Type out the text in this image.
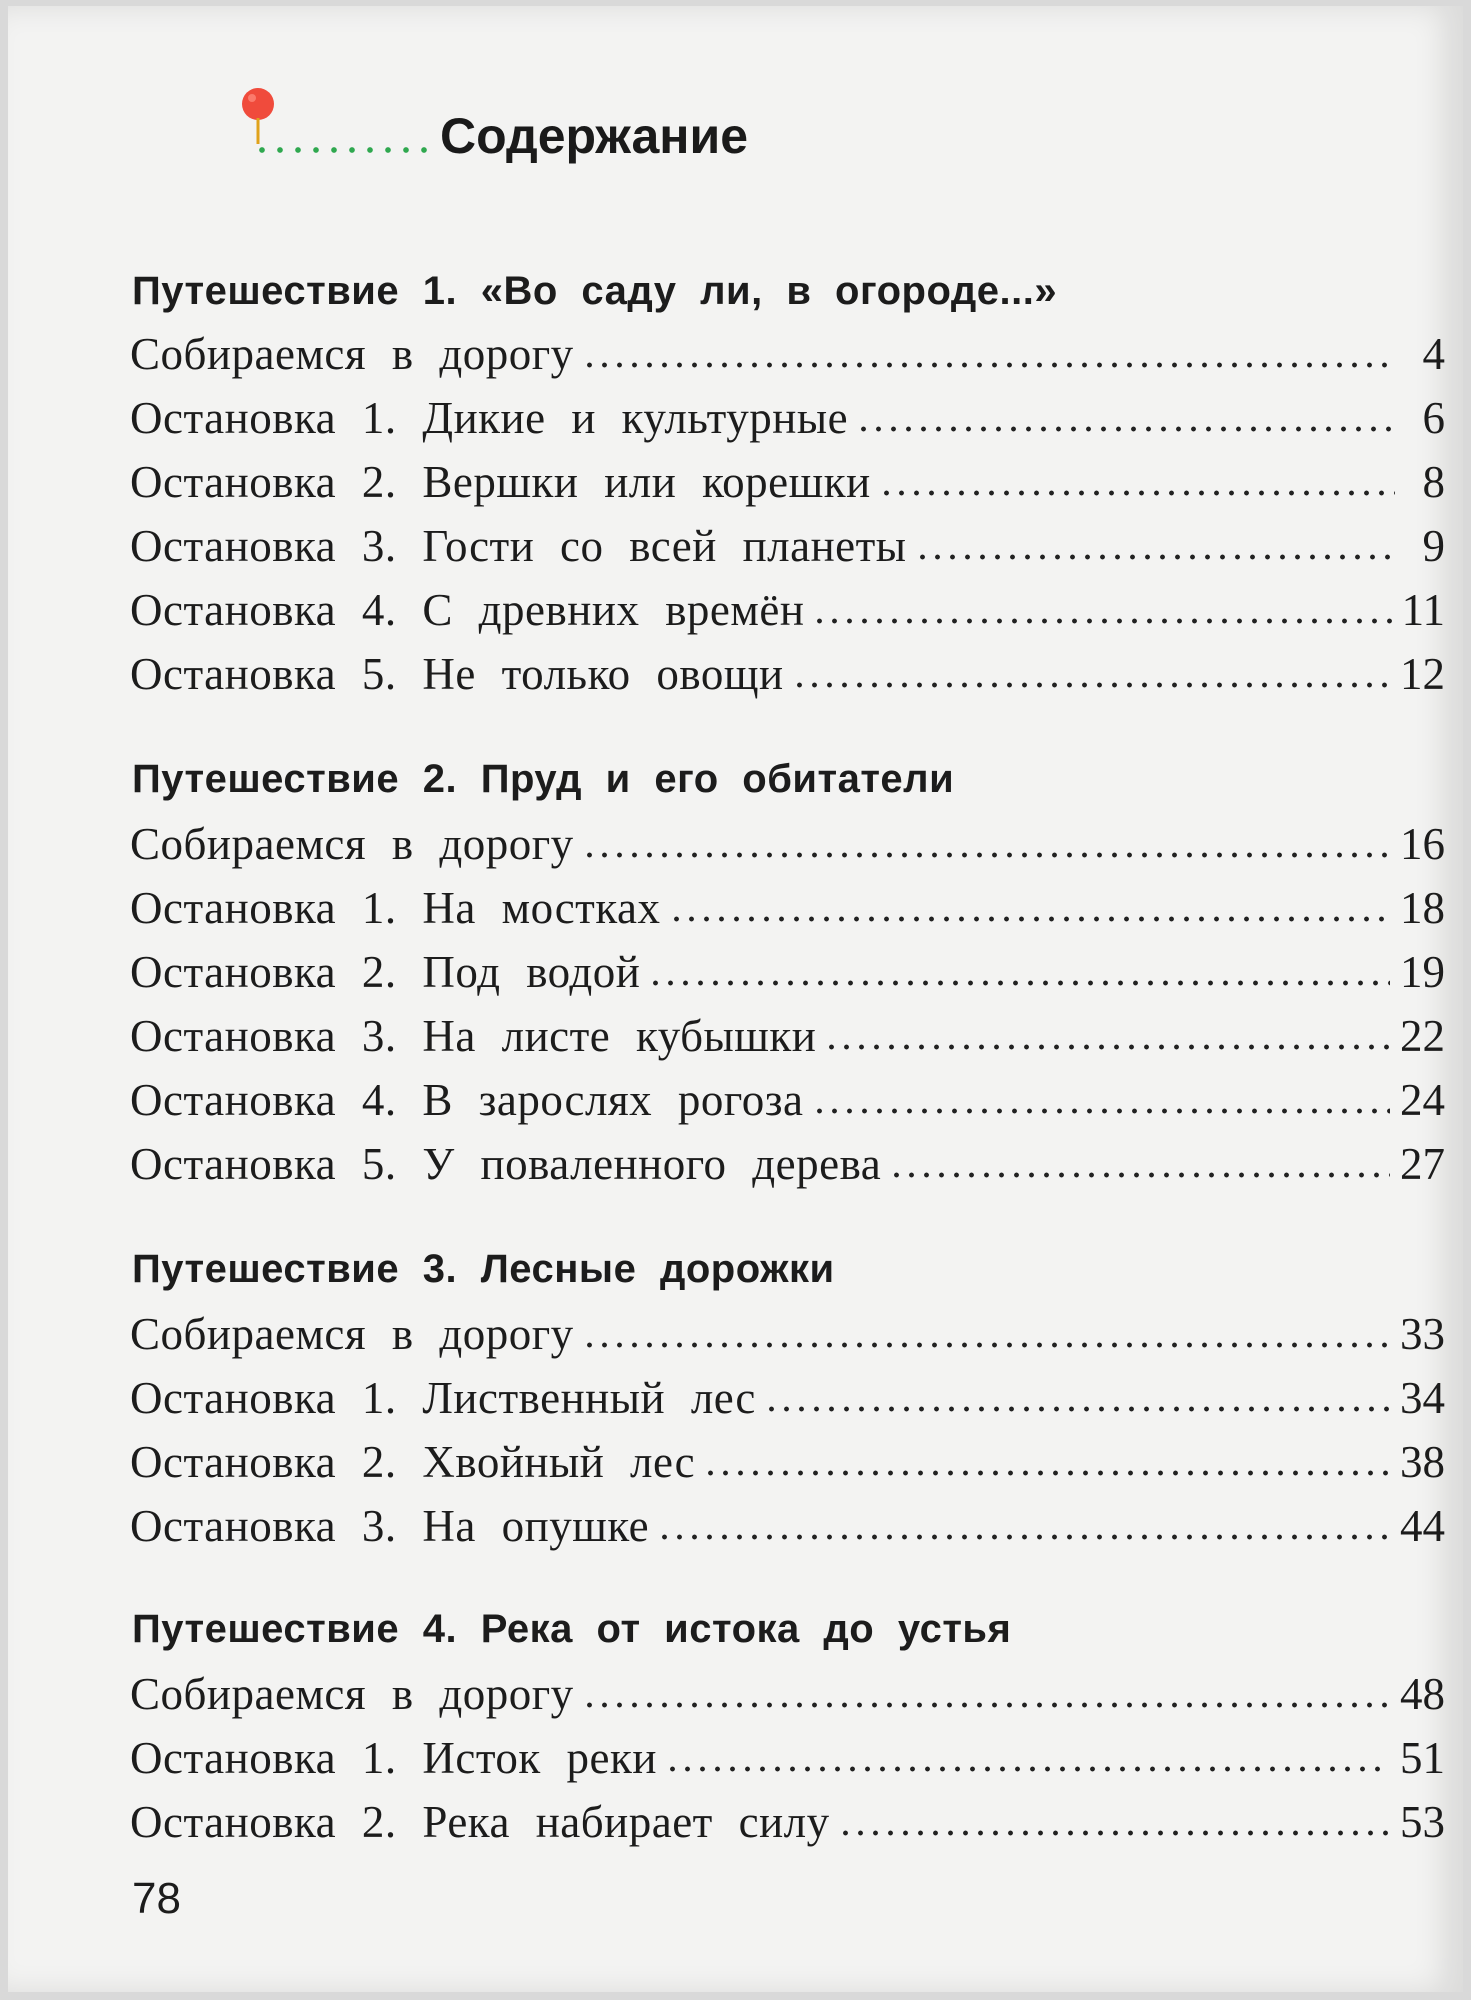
Содержание
Путешествие 1. «Во саду ли, в огороде...»
Собираемся в дорогу	4
Остановка 1. Дикие и культурные	6
Остановка 2. Вершки или корешки	8
Остановка 3. Гости со всей планеты	9
Остановка 4. С древних времён	11
Остановка 5. Не только овощи	12
Путешествие 2. Пруд и его обитатели
Собираемся в дорогу	16
Остановка 1. На мостках	18
Остановка 2. Под водой	19
Остановка 3. На листе кубышки	22
Остановка 4. В зарослях рогоза	24
Остановка 5. У поваленного дерева	27
Путешествие 3. Лесные дорожки
Собираемся в дорогу	33
Остановка 1. Лиственный лес	34
Остановка 2. Хвойный лес	38
Остановка 3. На опушке	44
Путешествие 4. Река от истока до устья
Собираемся в дорогу	48
Остановка 1. Исток реки	51
Остановка 2. Река набирает силу	53

78
